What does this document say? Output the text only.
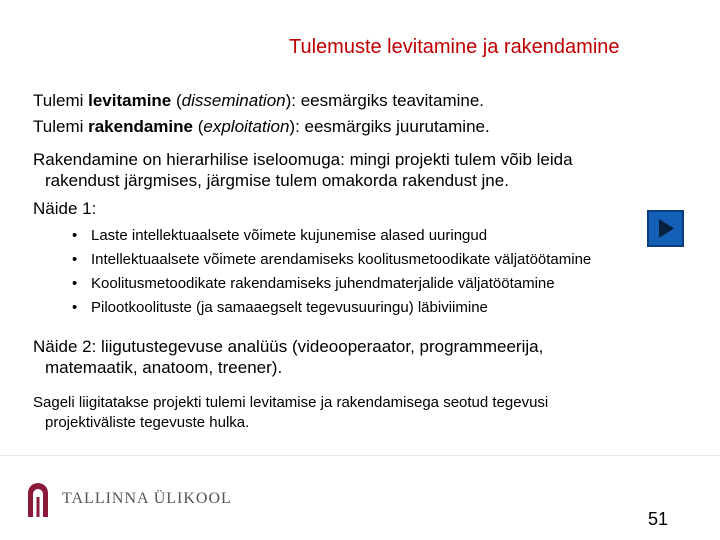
Tulemuste levitamine ja rakendamine
Tulemi levitamine (dissemination): eesmärgiks teavitamine.
Tulemi rakendamine (exploitation): eesmärgiks juurutamine.
Rakendamine on hierarhilise iseloomuga: mingi projekti tulem võib leida
rakendust järgmises, järgmise tulem omakorda rakendust jne.
Näide 1:
• Laste intellektuaalsete võimete kujunemise alased uuringud
• Intellektuaalsete võimete arendamiseks koolitusmetoodikate väljatöötamine
• Koolitusmetoodikate rakendamiseks juhendmaterjalide väljatöötamine
• Pilootkoolituste (ja samaaegselt tegevusuuringu) läbiviimine
Näide 2: liigutustegevuse analüüs (videooperaator, programmeerija,
matemaatik, anatoom, treener).
Sageli liigitatakse projekti tulemi levitamise ja rakendamisega seotud tegevusi
projektiväliste tegevuste hulka.
TALLINNA ÜLIKOOL
51
